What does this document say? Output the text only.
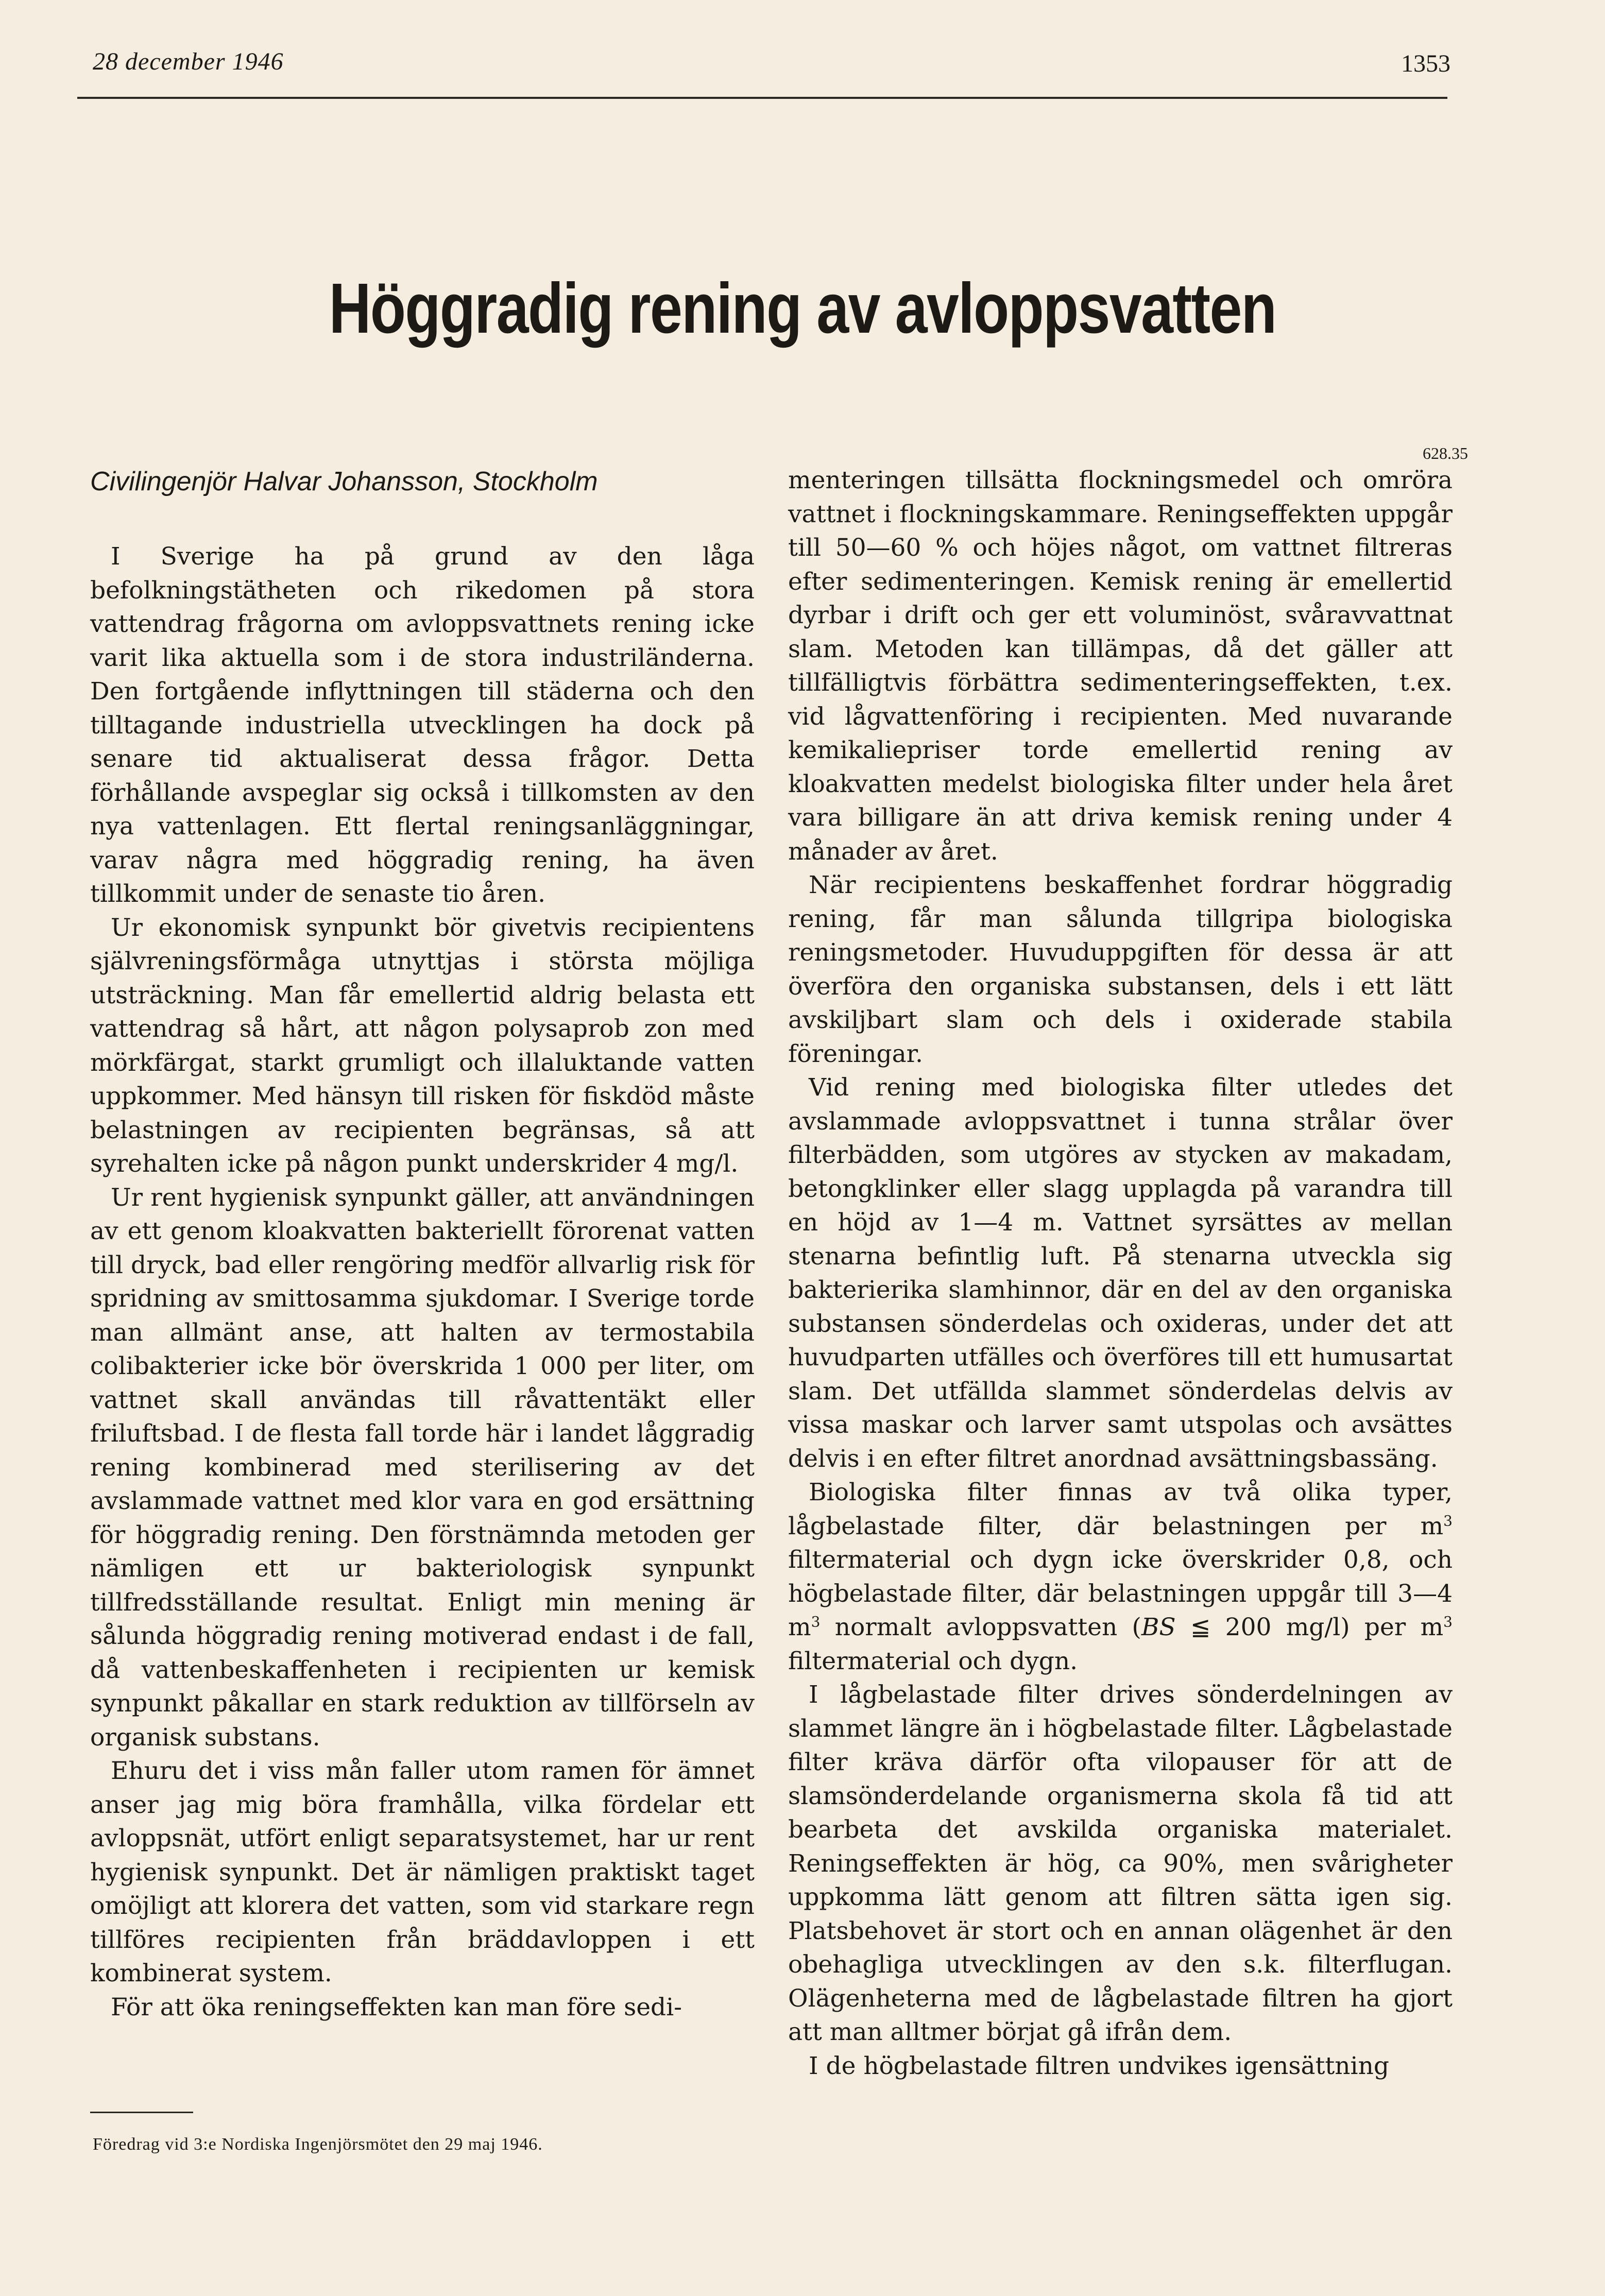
28 december 1946	1353
Höggradig rening av avloppsvatten
Civilingenjör Halvar Johansson, Stockholm

I Sverige ha på grund av den låga befolkningstätheten och rikedomen på stora vattendrag frågorna om avloppsvattnets rening icke varit lika aktuella som i de stora industriländerna. Den fortgående inflyttningen till städerna och den tilltagande industriella utvecklingen ha dock på senare tid aktualiserat dessa frågor. Detta förhållande avspeglar sig också i tillkomsten av den nya vattenlagen. Ett flertal reningsanläggningar, varav några med höggradig rening, ha även tillkommit under de senaste tio åren.

Ur ekonomisk synpunkt bör givetvis recipientens självreningsförmåga utnyttjas i största möjliga utsträckning. Man får emellertid aldrig belasta ett vattendrag så hårt, att någon polysaprob zon med mörkfärgat, starkt grumligt och illaluktande vatten uppkommer. Med hänsyn till risken för fiskdöd måste belastningen av recipienten begränsas, så att syrehalten icke på någon punkt underskrider 4 mg/l.

Ur rent hygienisk synpunkt gäller, att användningen av ett genom kloakvatten bakteriellt förorenat vatten till dryck, bad eller rengöring medför allvarlig risk för spridning av smittosamma sjukdomar. I Sverige torde man allmänt anse, att halten av termostabila colibakterier icke bör överskrida 1 000 per liter, om vattnet skall användas till råvattentäkt eller friluftsbad. I de flesta fall torde här i landet låggradig rening kombinerad med sterilisering av det avslammade vattnet med klor vara en god ersättning för höggradig rening. Den förstnämnda metoden ger nämligen ett ur bakteriologisk synpunkt tillfredsställande resultat. Enligt min mening är sålunda höggradig rening motiverad endast i de fall, då vattenbeskaffenheten i recipienten ur kemisk synpunkt påkallar en stark reduktion av tillförseln av organisk substans.

Ehuru det i viss mån faller utom ramen för ämnet anser jag mig böra framhålla, vilka fördelar ett avloppsnät, utfört enligt separatsystemet, har ur rent hygienisk synpunkt. Det är nämligen praktiskt taget omöjligt att klorera det vatten, som vid starkare regn tillföres recipienten från bräddavloppen i ett kombinerat system.

För att öka reningseffekten kan man före sedi-

628.35

menteringen tillsätta flockningsmedel och omröra vattnet i flockningskammare. Reningseffekten uppgår till 50—60 % och höjes något, om vattnet filtreras efter sedimenteringen. Kemisk rening är emellertid dyrbar i drift och ger ett voluminöst, svåravvattnat slam. Metoden kan tillämpas, då det gäller att tillfälligtvis förbättra sedimenteringseffekten, t.ex. vid lågvattenföring i recipienten. Med nuvarande kemikaliepriser torde emellertid rening av kloakvatten medelst biologiska filter under hela året vara billigare än att driva kemisk rening under 4 månader av året.

När recipientens beskaffenhet fordrar höggradig rening, får man sålunda tillgripa biologiska reningsmetoder. Huvuduppgiften för dessa är att överföra den organiska substansen, dels i ett lätt avskiljbart slam och dels i oxiderade stabila föreningar.

Vid rening med biologiska filter utledes det avslammade avloppsvattnet i tunna strålar över filterbädden, som utgöres av stycken av makadam, betongklinker eller slagg upplagda på varandra till en höjd av 1—4 m. Vattnet syrsättes av mellan stenarna befintlig luft. På stenarna utveckla sig bakterierika slamhinnor, där en del av den organiska substansen sönderdelas och oxideras, under det att huvudparten utfälles och överföres till ett humusartat slam. Det utfällda slammet sönderdelas delvis av vissa maskar och larver samt utspolas och avsättes delvis i en efter filtret anordnad avsättningsbassäng.

Biologiska filter finnas av två olika typer, lågbelastade filter, där belastningen per $m^3$ filtermaterial och dygn icke överskrider 0,8, och högbelastade filter, där belastningen uppgår till 3—4 $m^3$ normalt avloppsvatten (BS ≦ 200 mg/l) per $m^3$ filtermaterial och dygn.

I lågbelastade filter drives sönderdelningen av slammet längre än i högbelastade filter. Lågbelastade filter kräva därför ofta vilopauser för att de slamsönderdelande organismerna skola få tid att bearbeta det avskilda organiska materialet. Reningseffekten är hög, ca 90%, men svårigheter uppkomma lätt genom att filtren sätta igen sig. Platsbehovet är stort och en annan olägenhet är den obehagliga utvecklingen av den s.k. filterflugan. Olägenheterna med de lågbelastade filtren ha gjort att man alltmer börjat gå ifrån dem.

I de högbelastade filtren undvikes igensättning

Föredrag vid 3:e Nordiska Ingenjörsmötet den 29 maj 1946.
